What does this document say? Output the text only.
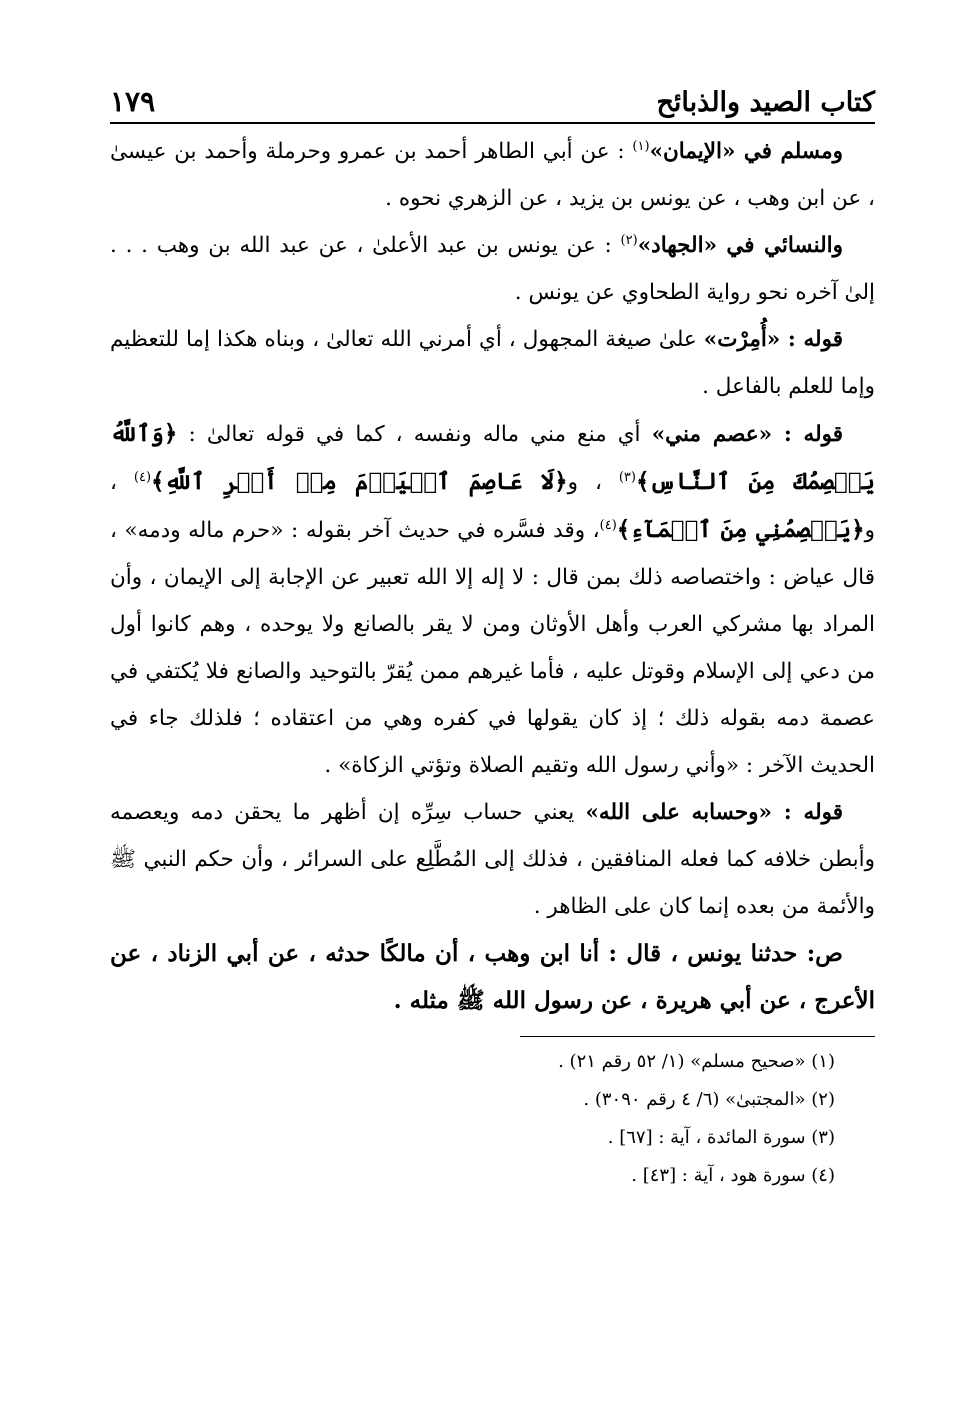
كتاب الصيد والذبائح
١٧٩

ومسلم في «الإيمان»$^{(١)}$ : عن أبي الطاهر أحمد بن عمرو وحرملة وأحمد بن عيسىٰ ، عن ابن وهب ، عن يونس بن يزيد ، عن الزهري نحوه .

والنسائي في «الجهاد»$^{(٢)}$ : عن يونس بن عبد الأعلىٰ ، عن عبد الله بن وهب . . . إلىٰ آخره نحو رواية الطحاوي عن يونس .

قوله : «أُمِرْت» علىٰ صيغة المجهول ، أي أمرني الله تعالىٰ ، وبناه هكذا إما للتعظيم وإما للعلم بالفاعل .

قوله : «عصم مني» أي منع مني ماله ونفسه ، كما في قوله تعالىٰ : ﴿وَٱللَّهُ يَعۡصِمُكَ مِنَ ٱلنَّاسِ﴾$^{(٣)}$ ، و﴿لَا عَاصِمَ ٱلۡيَوۡمَ مِنۡ أَمۡرِ ٱللَّهِ﴾$^{(٤)}$ ، و﴿يَعۡصِمُنِي مِنَ ٱلۡمَآءِ﴾$^{(٤)}$، وقد فسَّره في حديث آخر بقوله : «حرم ماله ودمه» ، قال عياض : واختصاصه ذلك بمن قال : لا إله إلا الله تعبير عن الإجابة إلى الإيمان ، وأن المراد بها مشركي العرب وأهل الأوثان ومن لا يقر بالصانع ولا يوحده ، وهم كانوا أول من دعي إلى الإسلام وقوتل عليه ، فأما غيرهم ممن يُقرّ بالتوحيد والصانع فلا يُكتفي في عصمة دمه بقوله ذلك ؛ إذ كان يقولها في كفره وهي من اعتقاده ؛ فلذلك جاء في الحديث الآخر : «وأني رسول الله وتقيم الصلاة وتؤتي الزكاة» .

قوله : «وحسابه على الله» يعني حساب سِرِّه إن أظهر ما يحقن دمه ويعصمه وأبطن خلافه كما فعله المنافقين ، فذلك إلى المُطَّلِع على السرائر ، وأن حكم النبي ﷺ والأئمة من بعده إنما كان على الظاهر .

ص: حدثنا يونس ، قال : أنا ابن وهب ، أن مالكًا حدثه ، عن أبي الزناد ، عن الأعرج ، عن أبي هريرة ، عن رسول الله ﷺ مثله .

(١) «صحيح مسلم» (١/ ٥٢ رقم ٢١) .
(٢) «المجتبىٰ» (٦/ ٤ رقم ٣٠٩٠) .
(٣) سورة المائدة ، آية : [٦٧] .
(٤) سورة هود ، آية : [٤٣] .
